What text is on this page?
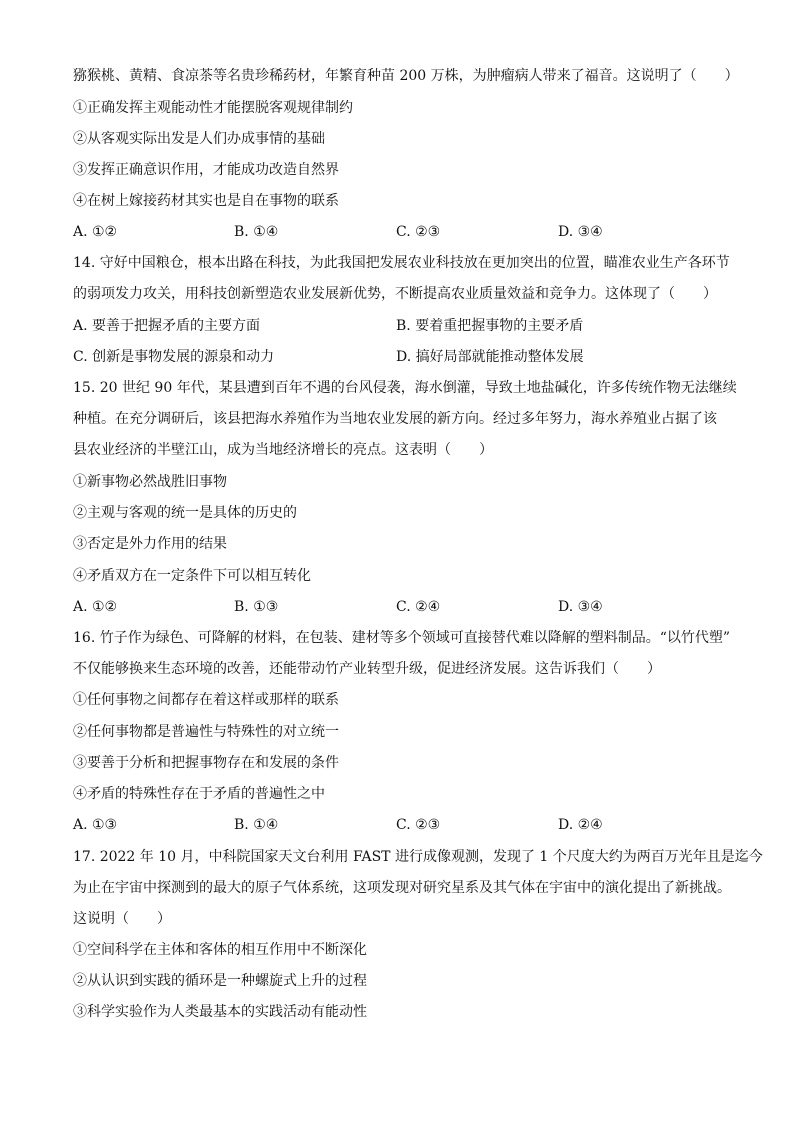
猕猴桃、黄精、食凉茶等名贵珍稀药材，年繁育种苗 200 万株，为肿瘤病人带来了福音。这说明了（　　）
①正确发挥主观能动性才能摆脱客观规律制约
②从客观实际出发是人们办成事情的基础
③发挥正确意识作用，才能成功改造自然界
④在树上嫁接药材其实也是自在事物的联系
A. ①②	B. ①④	C. ②③	D. ③④
14. 守好中国粮仓，根本出路在科技，为此我国把发展农业科技放在更加突出的位置，瞄准农业生产各环节
的弱项发力攻关，用科技创新塑造农业发展新优势，不断提高农业质量效益和竞争力。这体现了（　　）
A. 要善于把握矛盾的主要方面	B. 要着重把握事物的主要矛盾
C. 创新是事物发展的源泉和动力	D. 搞好局部就能推动整体发展
15. 20 世纪 90 年代，某县遭到百年不遇的台风侵袭，海水倒灌，导致土地盐碱化，许多传统作物无法继续
种植。在充分调研后，该县把海水养殖作为当地农业发展的新方向。经过多年努力，海水养殖业占据了该
县农业经济的半壁江山，成为当地经济增长的亮点。这表明（　　）
①新事物必然战胜旧事物
②主观与客观的统一是具体的历史的
③否定是外力作用的结果
④矛盾双方在一定条件下可以相互转化
A. ①②	B. ①③	C. ②④	D. ③④
16. 竹子作为绿色、可降解的材料，在包装、建材等多个领域可直接替代难以降解的塑料制品。“以竹代塑”
不仅能够换来生态环境的改善，还能带动竹产业转型升级，促进经济发展。这告诉我们（　　）
①任何事物之间都存在着这样或那样的联系
②任何事物都是普遍性与特殊性的对立统一
③要善于分析和把握事物存在和发展的条件
④矛盾的特殊性存在于矛盾的普遍性之中
A. ①③	B. ①④	C. ②③	D. ②④
17. 2022 年 10 月，中科院国家天文台利用 FAST 进行成像观测，发现了 1 个尺度大约为两百万光年且是迄今
为止在宇宙中探测到的最大的原子气体系统，这项发现对研究星系及其气体在宇宙中的演化提出了新挑战。
这说明（　　）
①空间科学在主体和客体的相互作用中不断深化
②从认识到实践的循环是一种螺旋式上升的过程
③科学实验作为人类最基本的实践活动有能动性
